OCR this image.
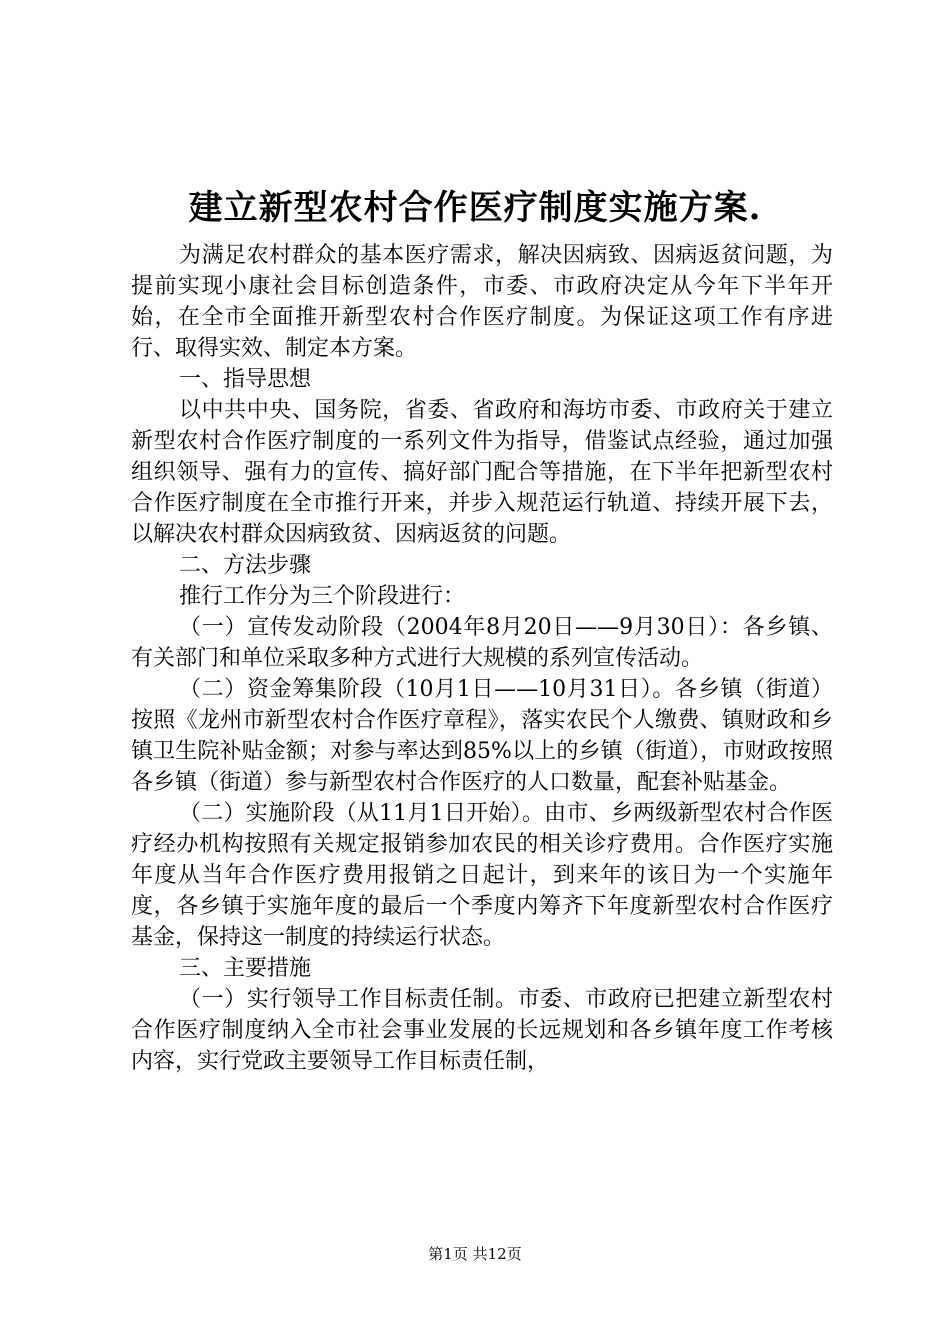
建立新型农村合作医疗制度实施方案.

为满足农村群众的基本医疗需求，解决因病致、因病返贫问题，为提前实现小康社会目标创造条件，市委、市政府决定从今年下半年开始，在全市全面推开新型农村合作医疗制度。为保证这项工作有序进行、取得实效、制定本方案。

一、指导思想

以中共中央、国务院，省委、省政府和海坊市委、市政府关于建立新型农村合作医疗制度的一系列文件为指导，借鉴试点经验，通过加强组织领导、强有力的宣传、搞好部门配合等措施，在下半年把新型农村合作医疗制度在全市推行开来，并步入规范运行轨道、持续开展下去，以解决农村群众因病致贫、因病返贫的问题。

二、方法步骤

推行工作分为三个阶段进行：

（一）宣传发动阶段（2004年8月20日——9月30日）：各乡镇、有关部门和单位采取多种方式进行大规模的系列宣传活动。

（二）资金筹集阶段（10月1日——10月31日）。各乡镇（街道）按照《龙州市新型农村合作医疗章程》，落实农民个人缴费、镇财政和乡镇卫生院补贴金额；对参与率达到85%以上的乡镇（街道），市财政按照各乡镇（街道）参与新型农村合作医疗的人口数量，配套补贴基金。

（二）实施阶段（从11月1日开始）。由市、乡两级新型农村合作医疗经办机构按照有关规定报销参加农民的相关诊疗费用。合作医疗实施年度从当年合作医疗费用报销之日起计，到来年的该日为一个实施年度，各乡镇于实施年度的最后一个季度内筹齐下年度新型农村合作医疗基金，保持这一制度的持续运行状态。

三、主要措施

（一）实行领导工作目标责任制。市委、市政府已把建立新型农村合作医疗制度纳入全市社会事业发展的长远规划和各乡镇年度工作考核内容，实行党政主要领导工作目标责任制，

第1页 共12页
